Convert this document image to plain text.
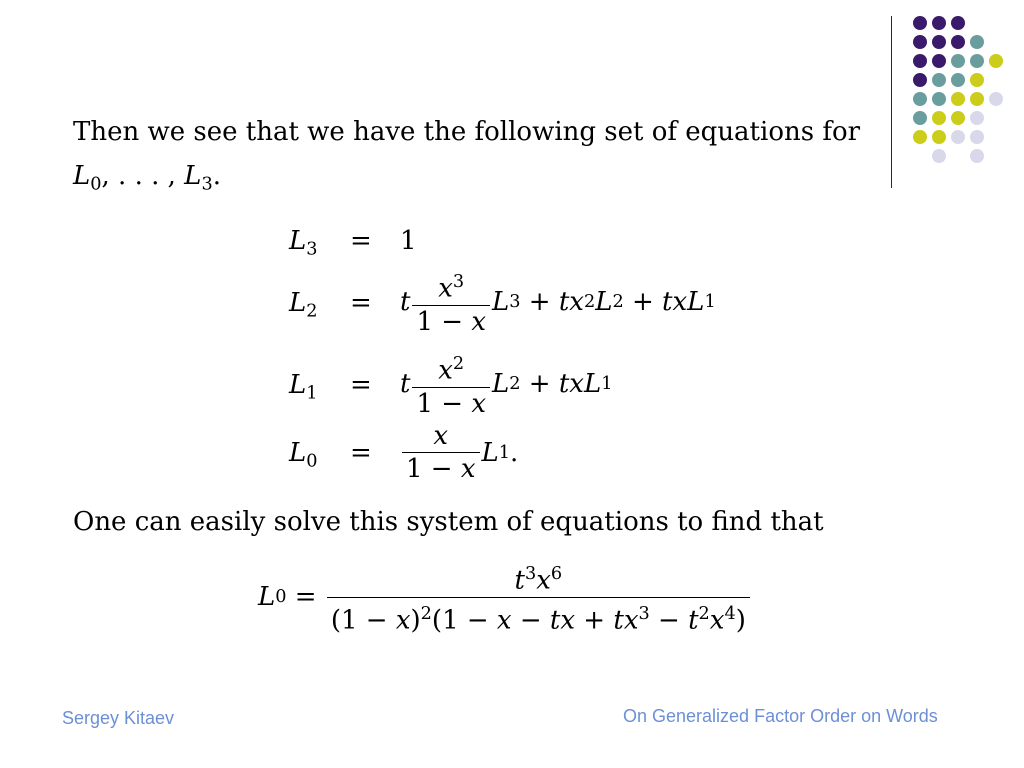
Then we see that we have the following set of equations for
$L_0$, . . . , $L_3$.
$L_3 = 1$
$L_2 = t \frac{x^3}{1 - x}$ L 3 + tx 2 L 2 + txL 1
$L_1 = t \frac{x^2}{1 - x}$ L 2 + txL 1
$L_0 = \frac{x}{1 - x}$ L 1 .
One can easily solve this system of equations to find that
L $0 = \frac{t^3x^6}{(1 - x)^2(1 - x - tx + tx^3 - t^2x^4)}$
Sergey Kitaev	On Generalized Factor Order on Words
